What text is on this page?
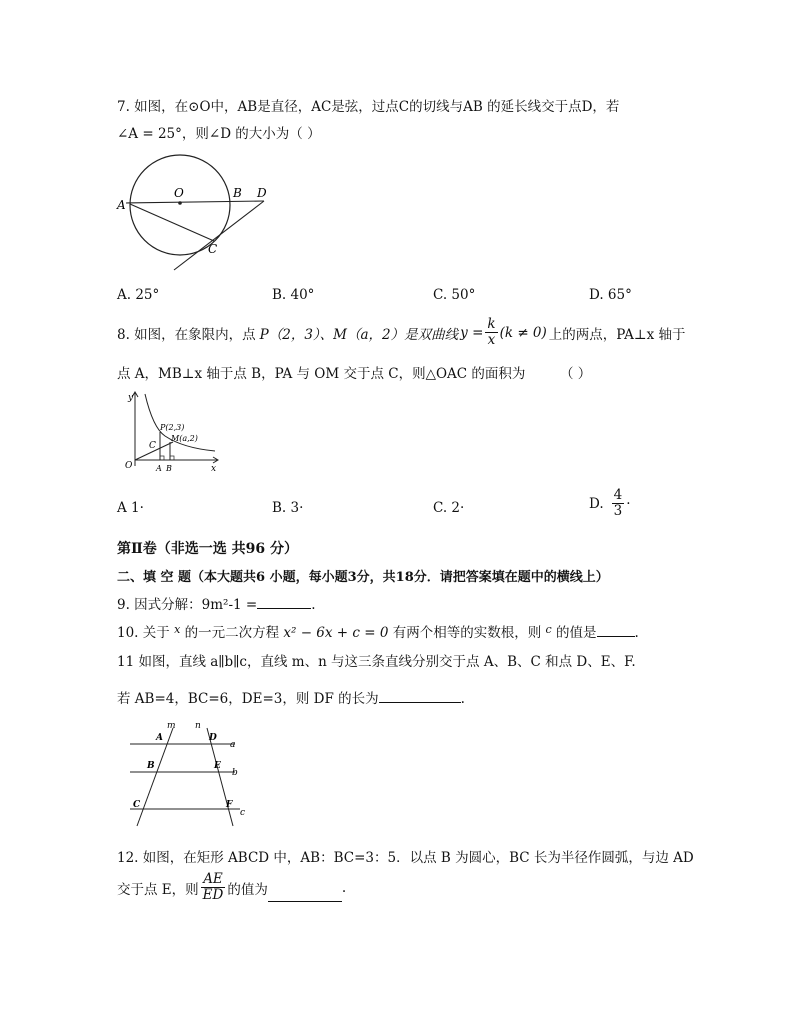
7. 如图，在⊙O中，AB是直径，AC是弦，过点C的切线与AB 的延长线交于点D，若
∠A = 25°，则∠D 的大小为（ ）
O
A
B D
C
A. 25°	B. 40°	C. 50°	D. 65°
8. 如图，在象限内，点 P（2，3）、M（a，2）是双曲线 $y = \frac{k}{x} (k \ne 0)$ 上的两点，PA⊥x 轴于
点 A，MB⊥x 轴于点 B，PA 与 OM 交于点 C，则△OAC 的面积为	（ ）
y
x
O	A B
C
P(2,3)
M(a,2)
A 1·	B. 3·	C. 2·	D. $\frac{4}{3}$ ·
第Ⅱ卷（非选一选 共96 分）
二、填 空 题（本大题共6 小题，每小题3分，共18分．请把答案填在题中的横线上）
9. 因式分解：9m²-1 =	.
10. 关于 $^x$ 的一元二次方程 x² − 6x + c = 0 有两个相等的实数根，则 $^c$ 的值是	.
11 如图，直线 a∥b∥c，直线 m、n 与这三条直线分别交于点 A、B、C 和点 D、E、F.
若 AB=4，BC=6，DE=3，则 DF 的长为	.
m n
a
b
c
A
B
C
D
E
F
12. 如图，在矩形 ABCD 中，AB：BC=3：5．以点 B 为圆心，BC 长为半径作圆弧，与边 AD
交于点 E，则 $\frac{AE}{ED}$ 的值为	.
